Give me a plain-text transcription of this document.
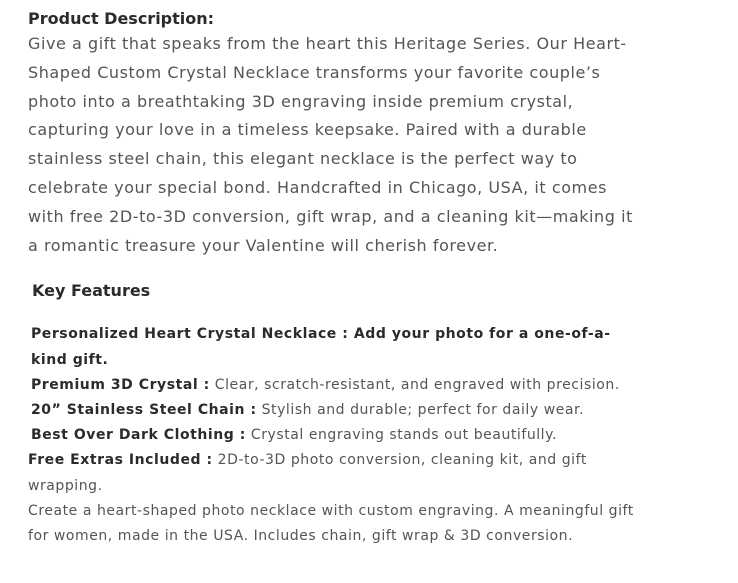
Product Description:

Give a gift that speaks from the heart this Heritage Series. Our Heart-Shaped Custom Crystal Necklace transforms your favorite couple’s photo into a breathtaking 3D engraving inside premium crystal, capturing your love in a timeless keepsake. Paired with a durable stainless steel chain, this elegant necklace is the perfect way to celebrate your special bond. Handcrafted in Chicago, USA, it comes with free 2D-to-3D conversion, gift wrap, and a cleaning kit—making it a romantic treasure your Valentine will cherish forever.

Key Features
Personalized Heart Crystal Necklace : Add your photo for a one-of-a-kind gift.
Premium 3D Crystal : Clear, scratch-resistant, and engraved with precision.
20” Stainless Steel Chain : Stylish and durable; perfect for daily wear.
Best Over Dark Clothing : Crystal engraving stands out beautifully.
Free Extras Included : 2D-to-3D photo conversion, cleaning kit, and gift wrapping.

Create a heart-shaped photo necklace with custom engraving. A meaningful gift for women, made in the USA. Includes chain, gift wrap & 3D conversion.
